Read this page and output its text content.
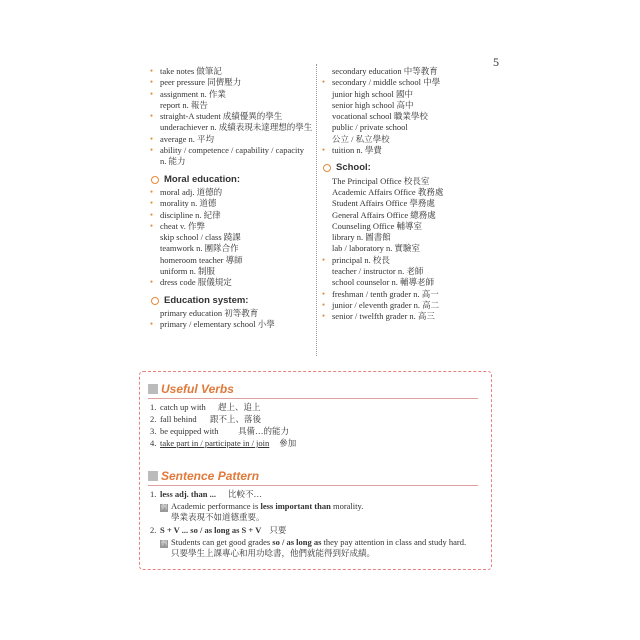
5
● take notes 做筆記
● peer pressure 同儕壓力
● assignment n. 作業
report n. 報告
● straight-A student 成績優異的學生
underachiever n. 成績表現未達理想的學生
● average n. 平均
● ability / competence / capability / capacity
n. 能力
Moral education:
● moral adj. 道德的
● morality n. 道德
● discipline n. 紀律
● cheat v. 作弊
skip school / class 蹺課
teamwork n. 團隊合作
homeroom teacher 導師
uniform n. 制服
● dress code 服儀規定
Education system:
primary education 初等教育
● primary / elementary school 小學
secondary education 中等教育
● secondary / middle school 中學
junior high school 國中
senior high school 高中
vocational school 職業學校
public / private school
公立 / 私立學校
● tuition n. 學費
School:
The Principal Office 校長室
Academic Affairs Office 教務處
Student Affairs Office 學務處
General Affairs Office 總務處
Counseling Office 輔導室
library n. 圖書館
lab / laboratory n. 實驗室
● principal n. 校長
teacher / instructor n. 老師
school counselor n. 輔導老師
● freshman / tenth grader n. 高一
● junior / eleventh grader n. 高二
● senior / twelfth grader n. 高三
Useful Verbs
1. catch up with 趕上、追上
2. fall behind 跟不上、落後
3. be equipped with 具備…的能力
4. take part in / participate in / join 參加
Sentence Pattern
1. less adj. than ... 比較不…
例 Academic performance is less important than morality.
學業表現不如道德重要。
2. S + V ... so / as long as S + V 只要
例 Students can get good grades so / as long as they pay attention in class and study hard.
只要學生上課專心和用功唸書，他們就能得到好成績。
